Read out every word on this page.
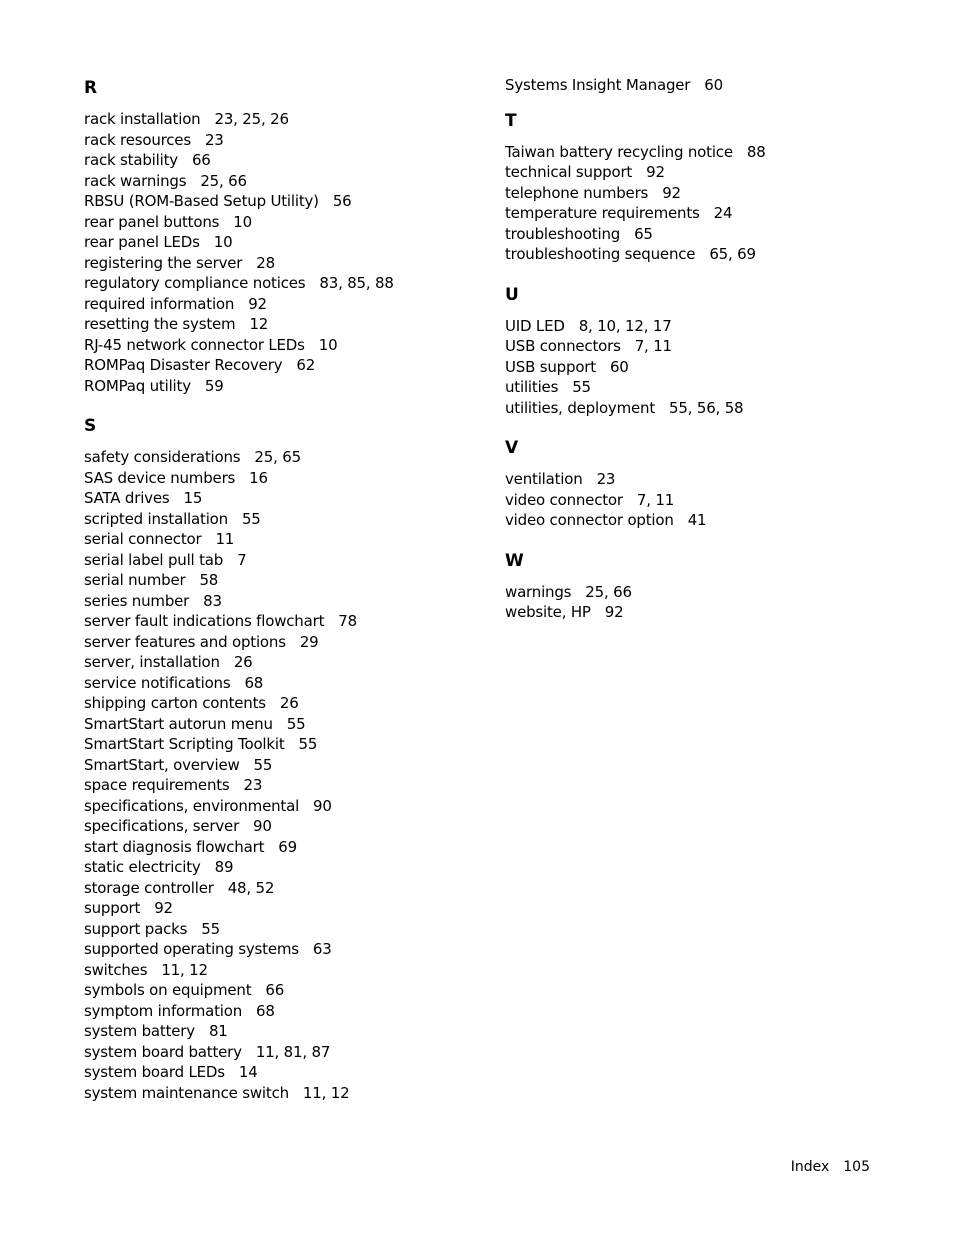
R
rack installation 23, 25, 26
rack resources 23
rack stability 66
rack warnings 25, 66
RBSU (ROM-Based Setup Utility) 56
rear panel buttons 10
rear panel LEDs 10
registering the server 28
regulatory compliance notices 83, 85, 88
required information 92
resetting the system 12
RJ-45 network connector LEDs 10
ROMPaq Disaster Recovery 62
ROMPaq utility 59
S
safety considerations 25, 65
SAS device numbers 16
SATA drives 15
scripted installation 55
serial connector 11
serial label pull tab 7
serial number 58
series number 83
server fault indications flowchart 78
server features and options 29
server, installation 26
service notifications 68
shipping carton contents 26
SmartStart autorun menu 55
SmartStart Scripting Toolkit 55
SmartStart, overview 55
space requirements 23
specifications, environmental 90
specifications, server 90
start diagnosis flowchart 69
static electricity 89
storage controller 48, 52
support 92
support packs 55
supported operating systems 63
switches 11, 12
symbols on equipment 66
symptom information 68
system battery 81
system board battery 11, 81, 87
system board LEDs 14
system maintenance switch 11, 12
Systems Insight Manager 60
T
Taiwan battery recycling notice 88
technical support 92
telephone numbers 92
temperature requirements 24
troubleshooting 65
troubleshooting sequence 65, 69
U
UID LED 8, 10, 12, 17
USB connectors 7, 11
USB support 60
utilities 55
utilities, deployment 55, 56, 58
V
ventilation 23
video connector 7, 11
video connector option 41
W
warnings 25, 66
website, HP 92
Index 105
